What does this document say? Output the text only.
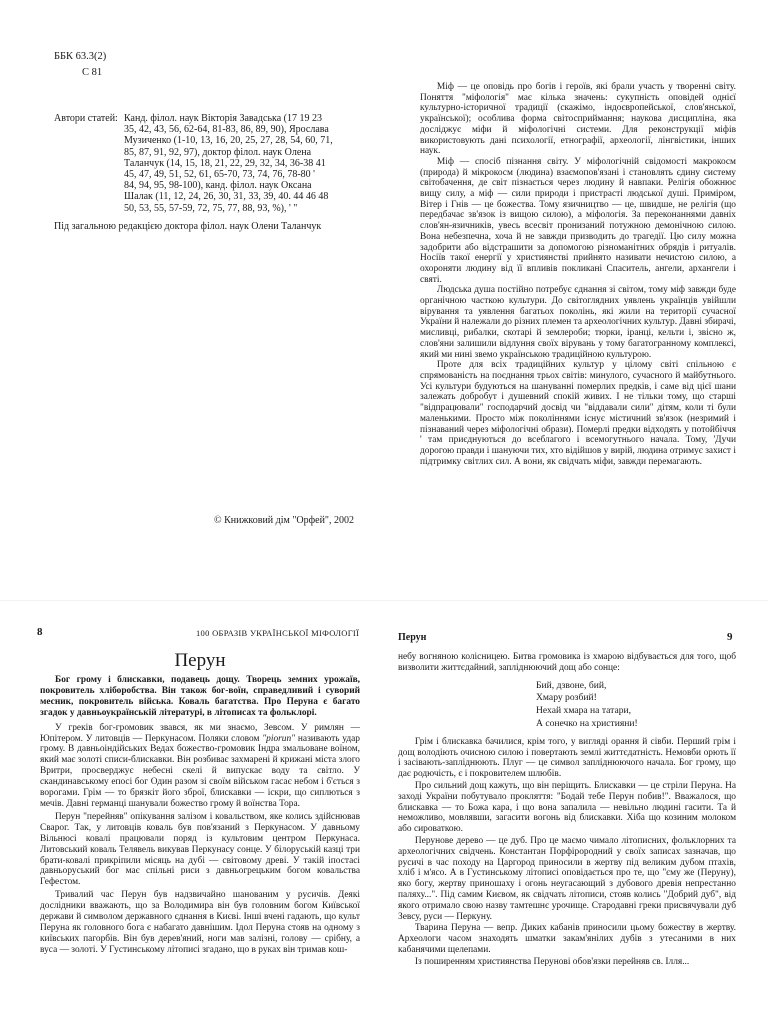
ББК 63.3(2)
С 81
Автори статей: Канд. філол. наук Вікторія Завадська (17 19 23
35, 42, 43, 56, 62-64, 81-83, 86, 89, 90), Ярослава
Музиченко (1-10, 13, 16, 20, 25, 27, 28, 54, 60, 71,
85, 87, 91, 92, 97), доктор філол. наук Олена
Таланчук (14, 15, 18, 21, 22, 29, 32, 34, 36-38 41
45, 47, 49, 51, 52, 61, 65-70, 73, 74, 76, 78-80 '
84, 94, 95, 98-100), канд. філол. наук Оксана
Шалак (11, 12, 24, 26, 30, 31, 33, 39, 40. 44 46 48
50, 53, 55, 57-59, 72, 75, 77, 88, 93, %), ' "
Під загальною редакцією доктора філол. наук Олени Таланчук
© Книжковий дім "Орфей", 2002

Міф — це оповідь про богів і героїв, які брали участь у творенні світу. Поняття "міфологія" має кілька значень: сукупність оповідей однієї культурно-історичної традиції (скажімо, індоєвропейської, слов'янської, української); особлива форма світосприймання; наукова дисципліна, яка досліджує міфи й міфологічні системи. Для реконструкції міфів використовують дані психології, етнографії, археології, лінгвістики, інших наук.

Міф — спосіб пізнання світу. У міфологічній свідомості макрокосм (природа) й мікрокосм (людина) взаємопов'язані і становлять єдину систему світобачення, де світ пізнається через людину й навпаки. Релігія обожнює вищу силу, а міф — сили природи і пристрасті людської душі. Приміром, Вітер і Гнів — це божества. Тому язичництво — це, швидше, не релігія (що передбачає зв'язок із вищою силою), а міфологія. За переконаннями давніх слов'ян-язичників, увесь всесвіт пронизаний потужною демонічною силою. Вона небезпечна, хоча й не завжди призводить до трагедії. Цю силу можна задобрити або відстрашити за допомогою різноманітних обрядів і ритуалів. Носіїв такої енергії у християнстві прийнято називати нечистою силою, а охороняти людину від її впливів покликані Спаситель, ангели, архангели і святі.

Людська душа постійно потребує єднання зі світом, тому міф завжди буде органічною часткою культури. До світоглядних уявлень українців увійшли вірування та уявлення багатьох поколінь, які жили на території сучасної України й належали до різних племен та археологічних культур. Давні збирачі, мисливці, рибалки, скотарі й землероби; тюрки, іранці, кельти і, звісно ж, слов'яни залишили відлуння своїх вірувань у тому багатогранному комплексі, який ми нині звемо українською традиційною культурою.

Проте для всіх традиційних культур у цілому світі спільною є спрямованість на поєднання трьох світів: минулого, сучасного й майбутнього. Усі культури будуються на шануванні померлих предків, і саме від цієї шани залежать добробут і душевний спокій живих. І не тільки тому, що старші "відпрацювали" господарчий досвід чи "віддавали сили" дітям, коли ті були маленькими. Просто між поколіннями існує містичний зв'язок (незримий і пізнаваний через міфологічні образи). Померлі предки відходять у потойбіччя ' там приєднуються до всеблагого і всемогутнього начала. Тому, 'Дучи дорогою правди і шануючи тих, хто відійшов у вирій, людина отримує захист і підтримку світлих сил. А вони, як свідчать міфи, завжди перемагають.

8	100 ОБРАЗІВ УКРАЇНСЬКОЇ МІФОЛОГІЇ
Перун

Бог грому і блискавки, подавець дощу. Творець земних урожаїв, покровитель хліборобства. Він також бог-воїн, справедливий і суворий месник, покровитель війська. Коваль багатства. Про Перуна є багато згадок у давньоукраїнській літературі, в літописах та фольклорі.

У греків бог-громовик звався, як ми знаємо, Зевсом. У римлян — Юпітером. У литовців — Перкунасом. Поляки словом "рiorun" називають удар грому. В давньоіндійських Ведах божество-громовик Індра змальоване воїном, який має золоті списи-блискавки. Він розбиває захмарені й крижані міста злого Вритри, просверджує небесні скелі й випускає воду та світло. У скандинавському епосі бог Один разом зі своїм військом гасає небом і б'ється з ворогами. Грім — то брязкіт його зброї, блискавки — іскри, що сиплються з мечів. Давні германці шанували божество грому й воїнства Тора.

Перун "перейняв" опікування залізом і ковальством, яке колись здійснював Сварог. Так, у литовців коваль був пов'язаний з Перкунасом. У давньому Вільнюсі ковалі працювали поряд із культовим центром Перкунаса. Литовський коваль Телявель викував Перкунасу сонце. У білоруській казці три брати-ковалі прикріпили місяць на дубі — світовому древі. У такій іпостасі давньоруський бог має спільні риси з давньогрецьким богом ковальства Гефестом.

Тривалий час Перун був надзвичайно шанованим у русичів. Деякі дослідники вважають, що за Володимира він був головним богом Київської держави й символом державного єднання в Києві. Інші вчені гадають, що культ Перуна як головного бога є набагато давнішим. Ідол Перуна стояв на одному з київських пагорбів. Він був дерев'яний, ноги мав залізні, голову — срібну, а вуса — золоті. У Густинському літописі згадано, що в руках він тримав кош-

Перун	9

небу вогняною колісницею. Битва громовика із хмарою відбувається для того, щоб визволити життєдайний, запліднюючий дощ або сонце:

Бий, дзвоне, бий,
Хмару розбий!
Нехай хмара на татари,
А сонечко на християни!

Грім і блискавка бачилися, крім того, у вигляді орання й сівби. Перший грім і дощ володіють очисною силою і повертають землі життєдатність. Немовби орють її і засівають-запліднюють. Плуг — це символ запліднюючого начала. Бог грому, що дає родючість, є і покровителем шлюбів.

Про сильний дощ кажуть, що він періщить. Блискавки — це стріли Перуна. На заході України побутувало прокляття: "Бодай тебе Перун побив!". Вважалося, що блискавка — то Божа кара, і що вона запалила — невільно людині гасити. Та й неможливо, мовлявши, загасити вогонь від блискавки. Хіба що козиним молоком або сироваткою.

Перунове дерево — це дуб. Про це маємо чимало літописних, фольклорних та археологічних свідчень. Константан Порфірородний у своїх записах зазначав, що русичі в час походу на Царгород приносили в жертву під великим дубом птахів, хліб і м'ясо. А в Густинському літописі оповідається про те, що "єму же (Перуну), яко богу, жертву приношаху і огонь неугасающий з дубового древія непрестанно паляху...". Під самим Києвом, як свідчать літописи, стояв колись "Добрий дуб", від якого отримало свою назву тамтешнє урочище. Стародавні греки присвячували дуб Зевсу, руси — Перкуну.

Тварина Перуна — вепр. Диких кабанів приносили цьому божеству в жертву. Археологи часом знаходять шматки закам'янілих дубів з утесаними в них кабанячими щелепами.

Із поширенням християнства Перунові обов'язки перейняв св. Ілля...
